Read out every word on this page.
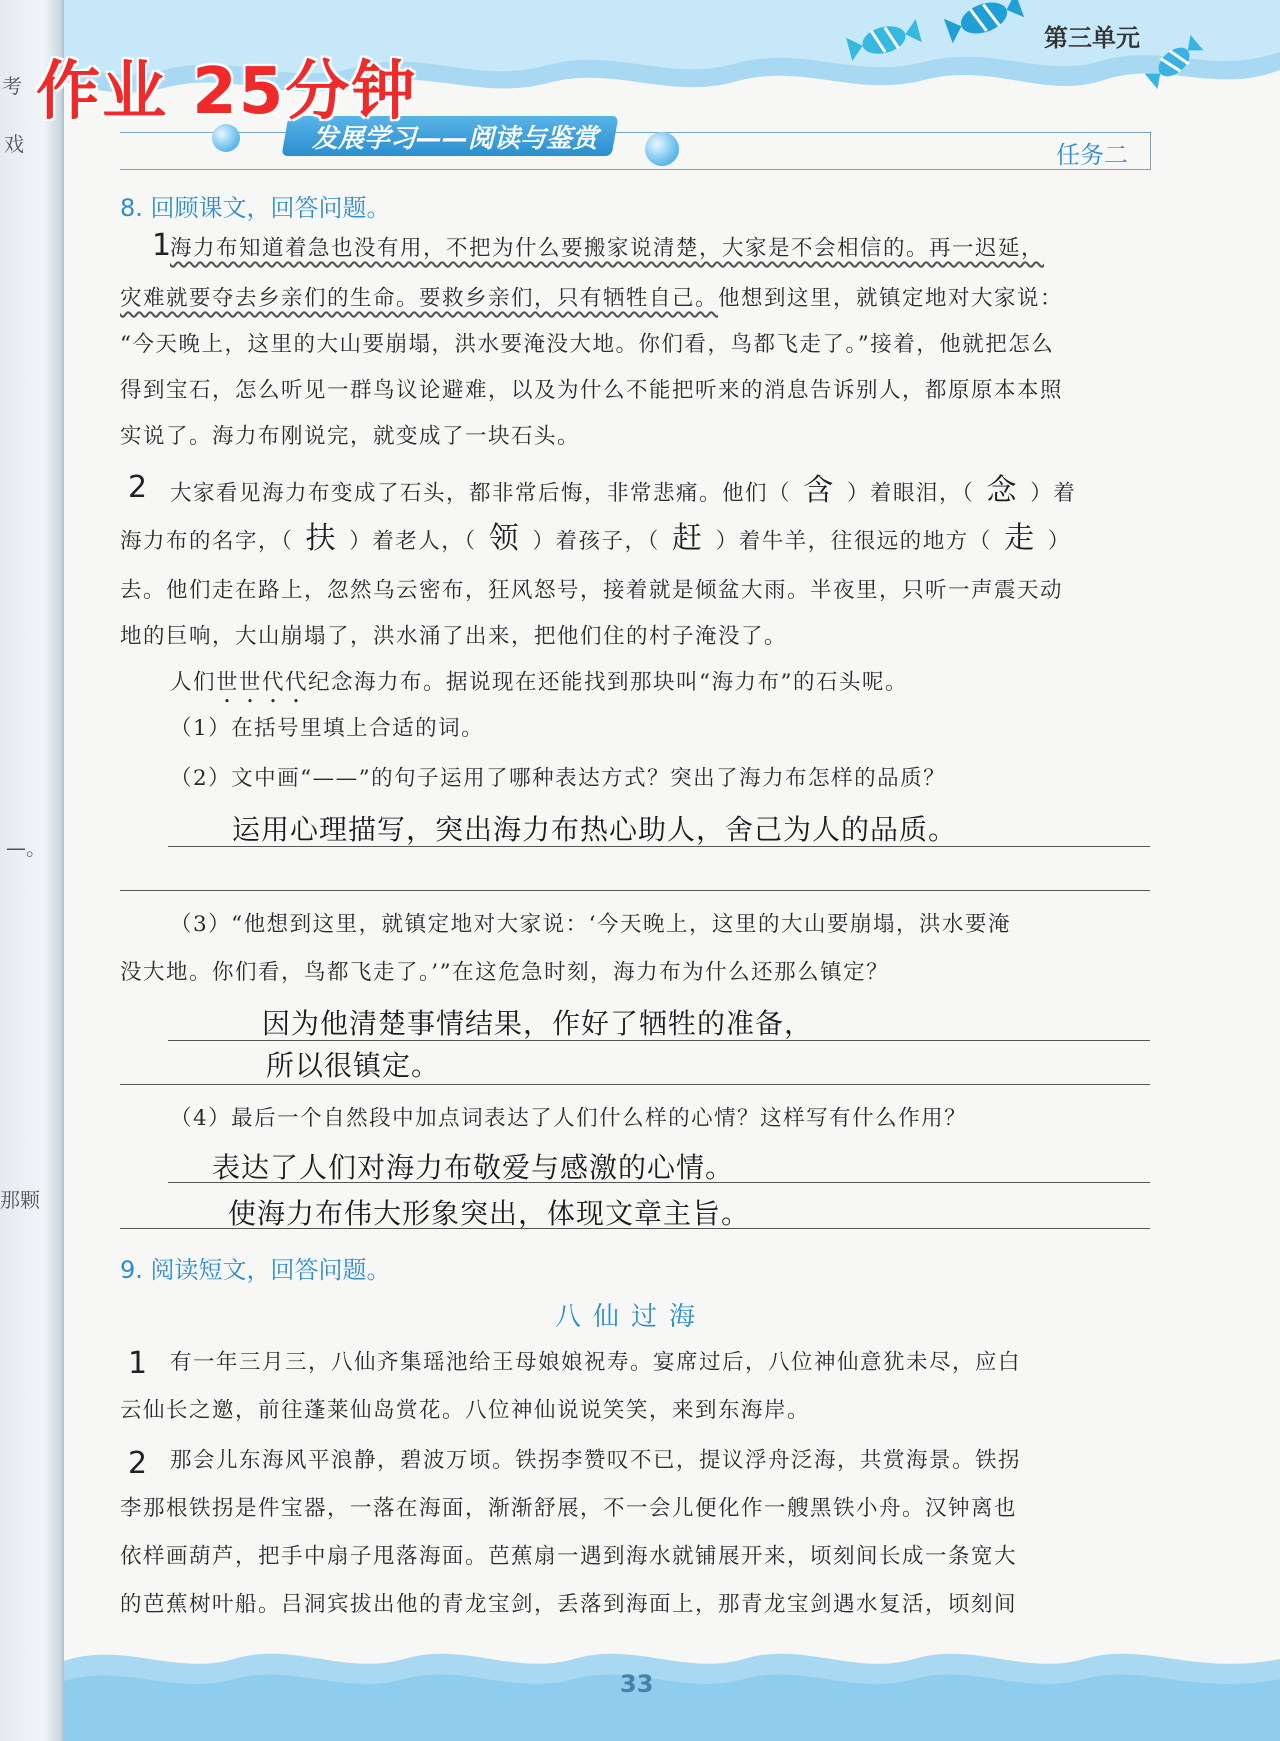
考
戏
—。
那颗
第三单元
作业 25分钟
发展学习——阅读与鉴赏
任务二
8. 回顾课文，回答问题。
1
海力布知道着急也没有用，不把为什么要搬家说清楚，大家是不会相信的。再一迟延，
灾难就要夺去乡亲们的生命。要救乡亲们，只有牺牲自己。他想到这里，就镇定地对大家说：
“今天晚上，这里的大山要崩塌，洪水要淹没大地。你们看，鸟都飞走了。”接着，他就把怎么
得到宝石，怎么听见一群鸟议论避难，以及为什么不能把听来的消息告诉别人，都原原本本照
实说了。海力布刚说完，就变成了一块石头。
2 大家看见海力布变成了石头，都非常后悔，非常悲痛。他们（ 含 ）着眼泪，（ 念 ）着
海力布的名字，（ 扶 ）着老人，（ 领 ）着孩子，（ 赶 ）着牛羊，往很远的地方（ 走 ）
去。他们走在路上，忽然乌云密布，狂风怒号，接着就是倾盆大雨。半夜里，只听一声震天动
地的巨响，大山崩塌了，洪水涌了出来，把他们住的村子淹没了。
人们世世代代纪念海力布。据说现在还能找到那块叫“海力布”的石头呢。
（1）在括号里填上合适的词。
（2）文中画“——”的句子运用了哪种表达方式？突出了海力布怎样的品质？
运用心理描写，突出海力布热心助人，舍己为人的品质。
（3）“他想到这里，就镇定地对大家说：‘今天晚上，这里的大山要崩塌，洪水要淹
没大地。你们看，鸟都飞走了。’”在这危急时刻，海力布为什么还那么镇定？
因为他清楚事情结果，作好了牺牲的准备，
所以很镇定。
（4）最后一个自然段中加点词表达了人们什么样的心情？这样写有什么作用？
表达了人们对海力布敬爱与感激的心情。
使海力布伟大形象突出，体现文章主旨。
9. 阅读短文，回答问题。
八仙过海
1 有一年三月三，八仙齐集瑶池给王母娘娘祝寿。宴席过后，八位神仙意犹未尽，应白
云仙长之邀，前往蓬莱仙岛赏花。八位神仙说说笑笑，来到东海岸。
2 那会儿东海风平浪静，碧波万顷。铁拐李赞叹不已，提议浮舟泛海，共赏海景。铁拐
李那根铁拐是件宝器，一落在海面，渐渐舒展，不一会儿便化作一艘黑铁小舟。汉钟离也
依样画葫芦，把手中扇子甩落海面。芭蕉扇一遇到海水就铺展开来，顷刻间长成一条宽大
的芭蕉树叶船。吕洞宾拔出他的青龙宝剑，丢落到海面上，那青龙宝剑遇水复活，顷刻间
33
